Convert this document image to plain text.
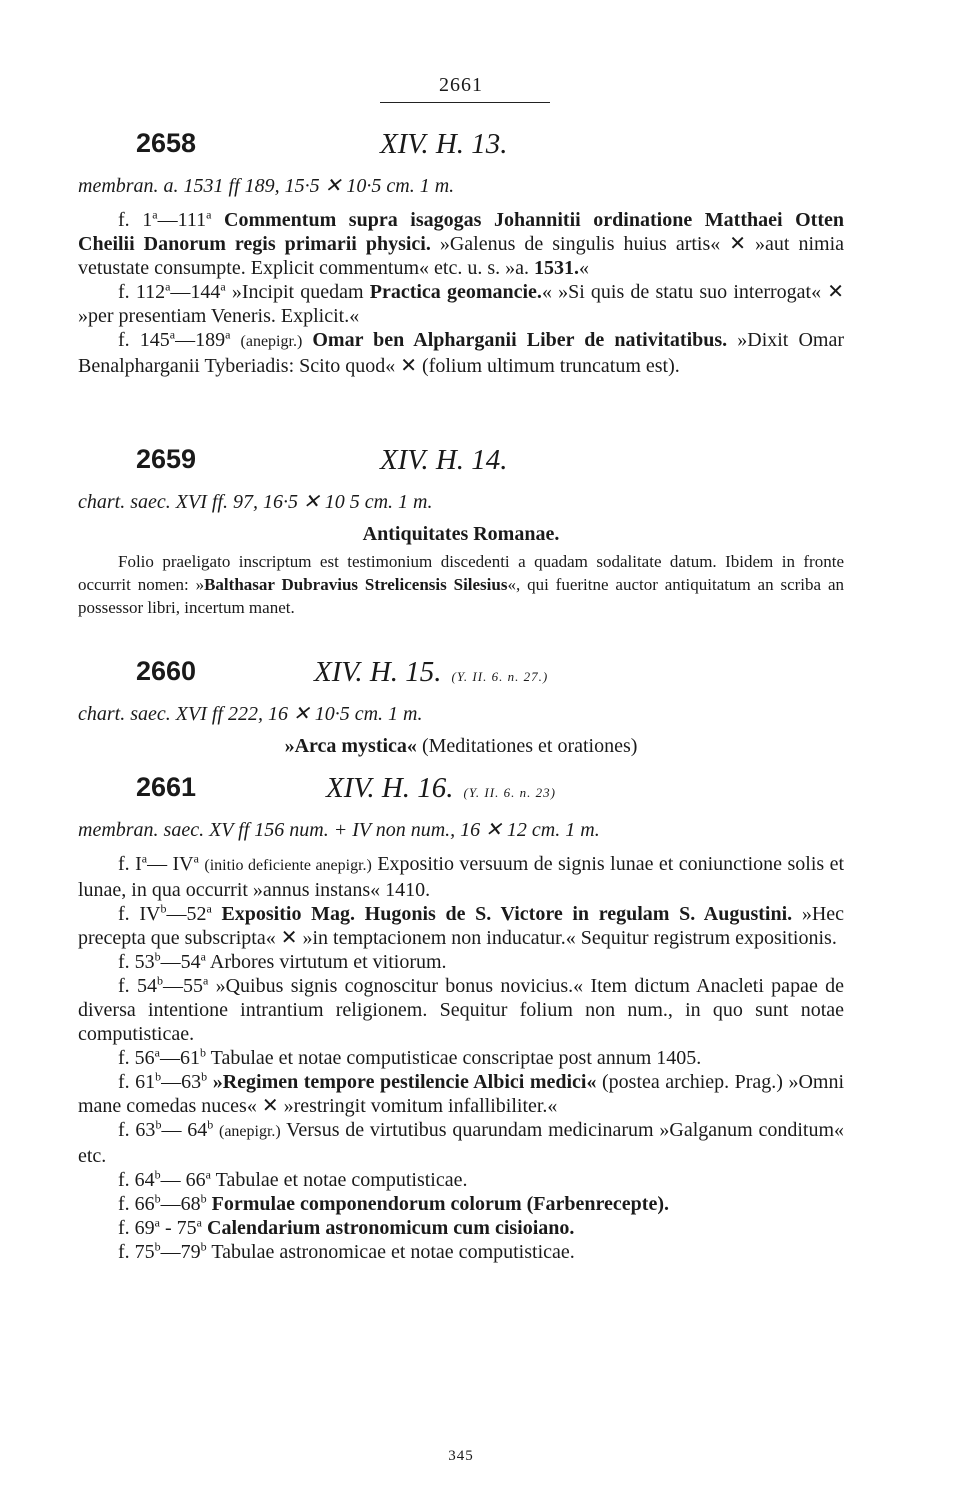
2661
2658	XIV. H. 13.
membran. a. 1531 ff 189, 15·5 ✕ 10·5 cm. 1 m.

f. 1$^a$—111$^a$ Commentum supra isagogas Johannitii ordinatione Matthaei Otten Cheilii Danorum regis primarii physici. »Galenus de singulis huius artis« ✕ »aut nimia vetustate consumpte. Explicit commentum« etc. u. s. »a. 1531.«

f. 112$^a$—144$^a$ »Incipit quedam Practica geomancie.« »Si quis de statu suo interrogat« ✕ »per presentiam Veneris. Explicit.«

f. 145$^a$—189$^a$ (anepigr.) Omar ben Alpharganii Liber de nativitatibus. »Dixit Omar Benalpharganii Tyberiadis: Scito quod« ✕ (folium ultimum truncatum est).

2659	XIV. H. 14.
chart. saec. XVI ff. 97, 16·5 ✕ 10 5 cm. 1 m.
Antiquitates Romanae.

Folio praeligato inscriptum est testimonium discedenti a quadam sodalitate datum. Ibidem in fronte occurrit nomen: »Balthasar Dubravius Strelicensis Silesius«, qui fueritne auctor antiquitatum an scriba an possessor libri, incertum manet.

2660	XIV. H. 15. (Y. II. 6. n. 27.)
chart. saec. XVI ff 222, 16 ✕ 10·5 cm. 1 m.
»Arca mystica« (Meditationes et orationes)
2661	XIV. H. 16. (Y. II. 6. n. 23)
membran. saec. XV ff 156 num. + IV non num., 16 ✕ 12 cm. 1 m.

f. $I^a—$ $IV^a$ (initio deficiente anepigr.) Expositio versuum de signis lunae et coniunctione solis et lunae, in qua occurrit »annus instans« 1410.

f. $IV^b—52^a$ Expositio Mag. Hugonis de S. Victore in regulam S. Augustini. »Hec precepta que subscripta« ✕ »in temptacionem non inducatur.« Sequitur registrum expositionis.

f. 53$^b$—54$^a$ Arbores virtutum et vitiorum.

f. 54$^b$—55$^a$ »Quibus signis cognoscitur bonus novicius.« Item dictum Anacleti papae de diversa intentione intrantium religionem. Sequitur folium non num., in quo sunt notae computisticae.

f. 56$^a$—61$^b$ Tabulae et notae computisticae conscriptae post annum 1405.

f. 61$^b$—63$^b$ »Regimen tempore pestilencie Albici medici« (postea archiep. Prag.) »Omni mane comedas nuces« ✕ »restringit vomitum infallibiliter.«

f. 63$^b$— 64$^b$ (anepigr.) Versus de virtutibus quarundam medicinarum »Galganum conditum« etc.

f. 64$^b$— 66$^a$ Tabulae et notae computisticae.

f. 66$^b$—68$^b$ Formulae componendorum colorum (Farbenrecepte).

f. 69$^a$ - 75$^a$ Calendarium astronomicum cum cisioiano.

f. 75$^b$—79$^b$ Tabulae astronomicae et notae computisticae.

345
